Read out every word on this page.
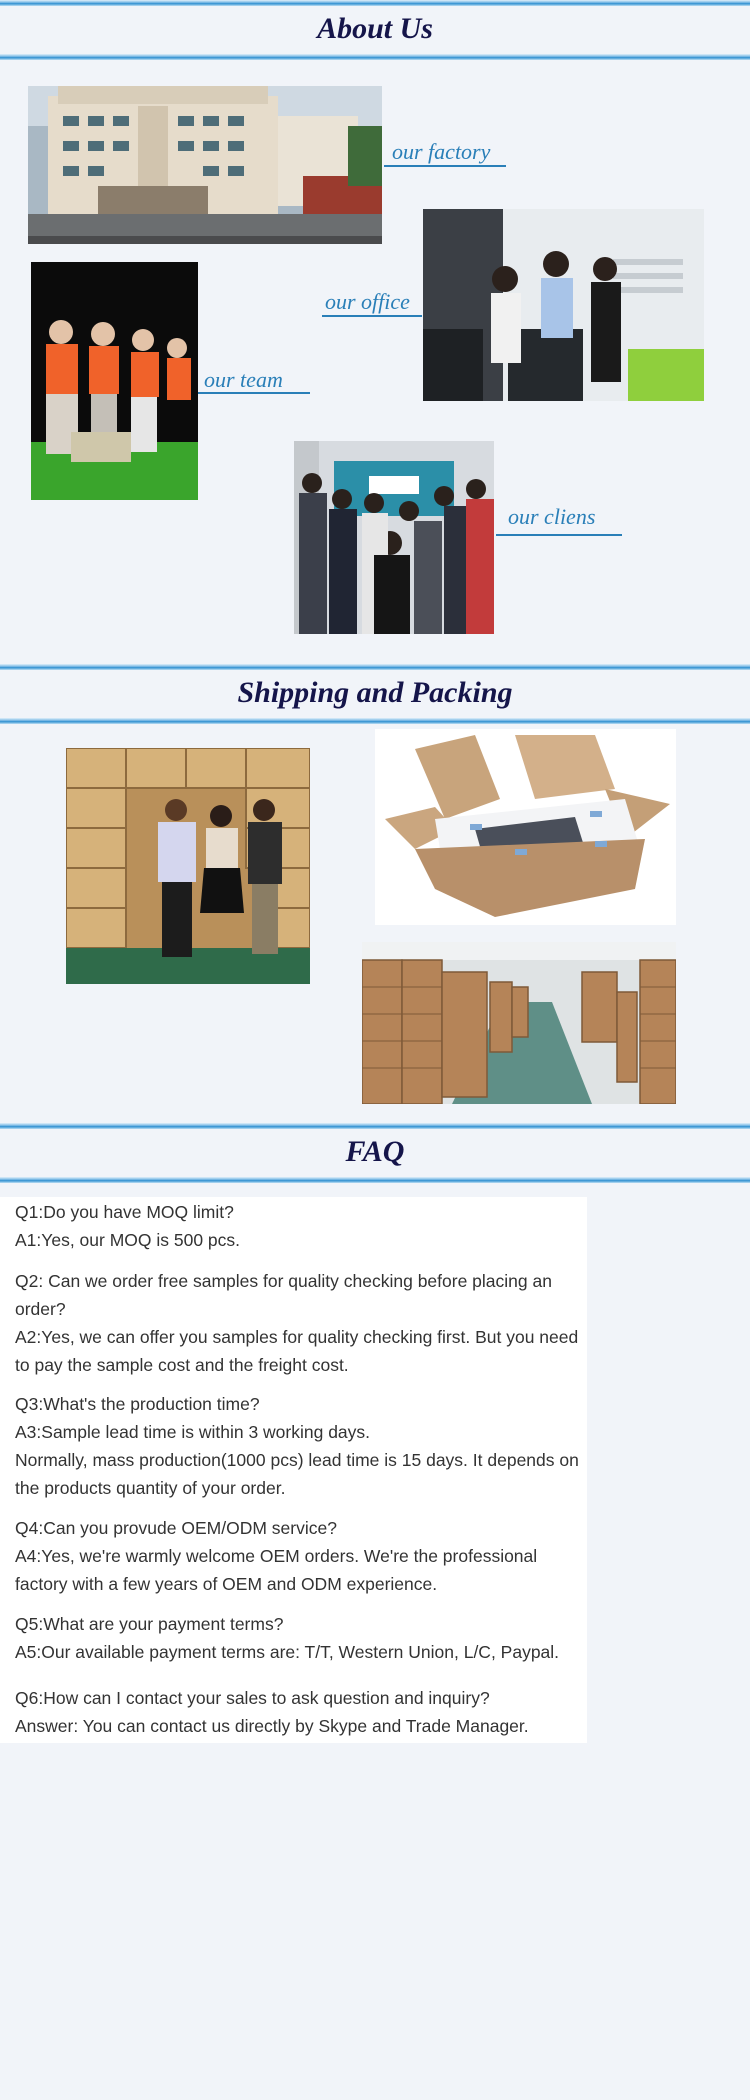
About Us
our factory
our office
our team
our cliens
Shipping and Packing
FAQ
Q1:Do you have MOQ limit?
A1:Yes, our MOQ is 500 pcs.
Q2: Can we order free samples for quality checking before placing an order?
A2:Yes, we can offer you samples for quality checking first. But you need to pay the sample cost and the freight cost.
Q3:What's the production time?
A3:Sample lead time is within 3 working days.
Normally, mass production(1000 pcs) lead time is 15 days. It depends on the products quantity of your order.
Q4:Can you provude OEM/ODM service?
A4:Yes, we're warmly welcome OEM orders. We're the professional factory with a few years of OEM and ODM experience.
Q5:What are your payment terms?
A5:Our available payment terms are: T/T, Western Union, L/C, Paypal.
Q6:How can I contact your sales to ask question and inquiry?
Answer: You can contact us directly by Skype and Trade Manager.
